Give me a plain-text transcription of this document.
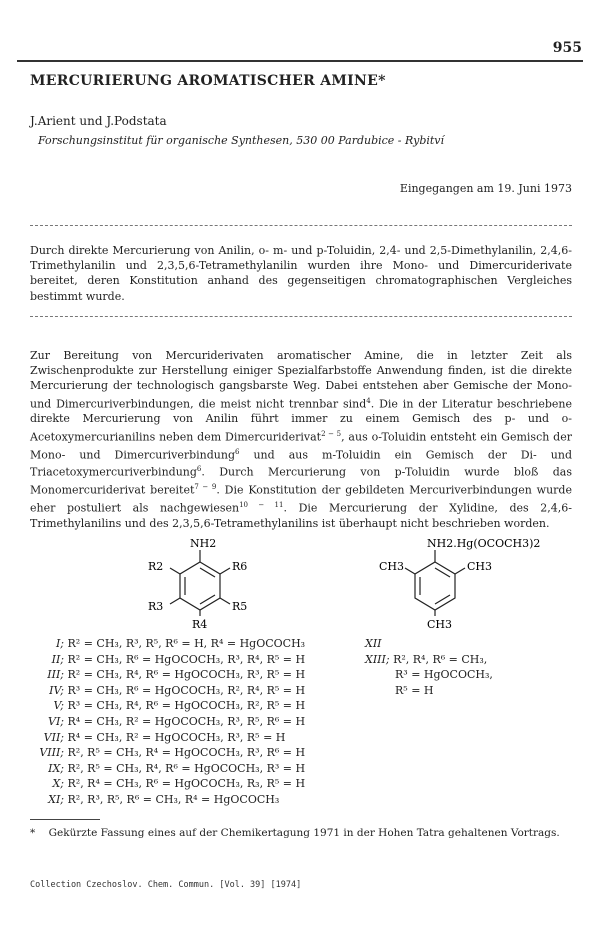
955
MERCURIERUNG AROMATISCHER AMINE*
J.Arient und J.Podstata
Forschungsinstitut für organische Synthesen, 530 00 Pardubice - Rybitví
Eingegangen am 19. Juni 1973
Durch direkte Mercurierung von Anilin, o- m- und p-Toluidin, 2,4- und 2,5-Dimethylanilin, 2,4,6-Trimethylanilin und 2,3,5,6-Tetramethylanilin wurden ihre Mono- und Dimercuriderivate bereitet, deren Konstitution anhand des gegenseitigen chromatographischen Vergleiches bestimmt wurde.
Zur Bereitung von Mercuriderivaten aromatischer Amine, die in letzter Zeit als Zwischenprodukte zur Herstellung einiger Spezialfarbstoffe Anwendung finden, ist die direkte Mercurierung der technologisch gangsbarste Weg. Dabei entstehen aber Gemische der Mono- und Dimercuriverbindungen, die meist nicht trennbar sind$^4$. Die in der Literatur beschriebene direkte Mercurierung von Anilin führt immer zu einem Gemisch des p- und o-Acetoxymercurianilins neben dem Dimercuriderivat$^{2 - 5}$, aus o-Toluidin entsteht ein Gemisch der Mono- und Dimercuriverbindung$^6$ und aus m-Toluidin ein Gemisch der Di- und Triacetoxymercuriverbindung$^6$. Durch Mercurierung von p-Toluidin wurde bloß das Monomercuriderivat bereitet$^{7 - 9}$. Die Konstitution der gebildeten Mercuriverbindungen wurde eher postuliert als nachgewiesen$^{10 - 11}$. Die Mercurierung der Xylidine, des 2,4,6-Trimethylanilins und des 2,3,5,6-Tetramethylanilins ist überhaupt nicht beschrieben worden.
NH2
R2	R6
R3	R5
R4
NH2.Hg(OCOCH3)2
CH3	CH3
CH3
I; R² = CH₃, R³, R⁵, R⁶ = H, R⁴ = HgOCOCH₃
II; R² = CH₃, R⁶ = HgOCOCH₃, R³, R⁴, R⁵ = H
III; R² = CH₃, R⁴, R⁶ = HgOCOCH₃, R³, R⁵ = H
IV; R³ = CH₃, R⁶ = HgOCOCH₃, R², R⁴, R⁵ = H
V; R³ = CH₃, R⁴, R⁶ = HgOCOCH₃, R², R⁵ = H
VI; R⁴ = CH₃, R² = HgOCOCH₃, R³, R⁵, R⁶ = H
VII; R⁴ = CH₃, R² = HgOCOCH₃, R³, R⁵ = H
VIII; R², R⁵ = CH₃, R⁴ = HgOCOCH₃, R³, R⁶ = H
IX; R², R⁵ = CH₃, R⁴, R⁶ = HgOCOCH₃, R³ = H
X; R², R⁴ = CH₃, R⁶ = HgOCOCH₃, R₃, R⁵ = H
XI; R², R³, R⁵, R⁶ = CH₃, R⁴ = HgOCOCH₃
XII
XIII; R², R⁴, R⁶ = CH₃,
R³ = HgOCOCH₃,
R⁵ = H
* Gekürzte Fassung eines auf der Chemikertagung 1971 in der Hohen Tatra gehaltenen Vortrags.
Collection Czechoslov. Chem. Commun. [Vol. 39] [1974]
